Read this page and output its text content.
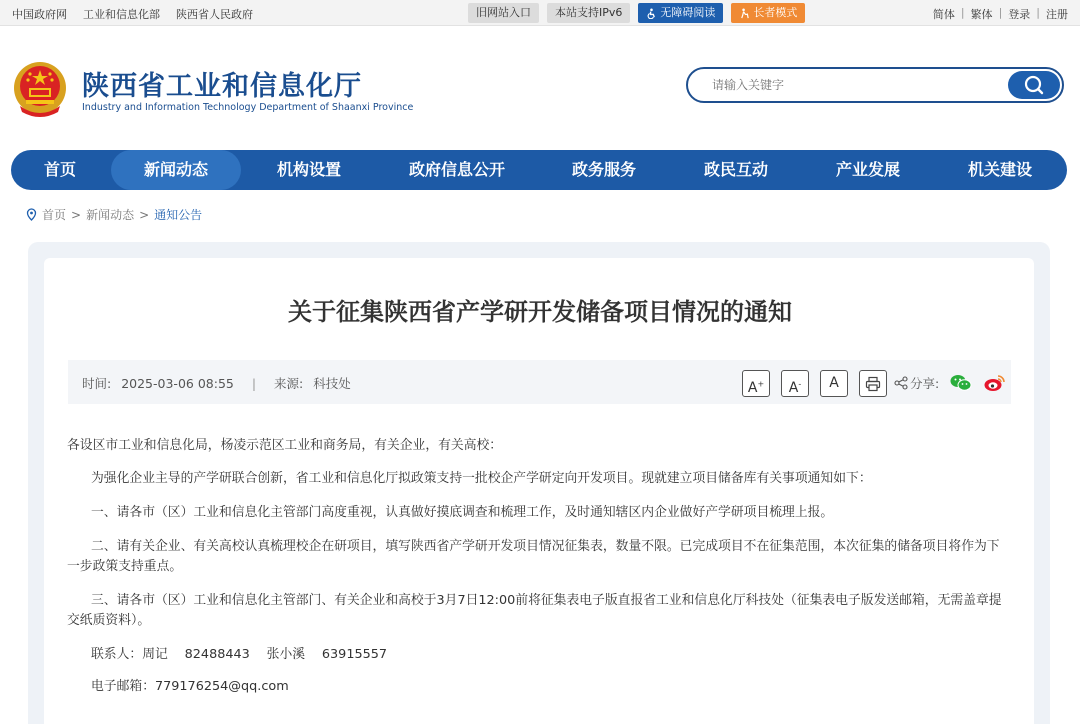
中国政府网 工业和信息化部 陕西省人民政府	旧网站入口	本站支持IPv6	无障碍阅读	长者模式	简体 | 繁体 | 登录 | 注册
陕西省工业和信息化厅
Industry and Information Technology Department of Shaanxi Province
请输入关键字
首页	新闻动态	机构设置	政府信息公开	政务服务	政民互动	产业发展	机关建设
首页 > 新闻动态 > 通知公告
关于征集陕西省产学研开发储备项目情况的通知
时间: 2025-03-06 08:55 | 来源: 科技处	A+	A-	A	分享:
各设区市工业和信息化局，杨凌示范区工业和商务局，有关企业，有关高校：
为强化企业主导的产学研联合创新，省工业和信息化厅拟政策支持一批校企产学研定向开发项目。现就建立项目储备库有关事项通知如下：
一、请各市（区）工业和信息化主管部门高度重视，认真做好摸底调查和梳理工作，及时通知辖区内企业做好产学研项目梳理上报。
二、请有关企业、有关高校认真梳理校企在研项目，填写陕西省产学研开发项目情况征集表，数量不限。已完成项目不在征集范围，本次征集的储备项目将作为下一步政策支持重点。
三、请各市（区）工业和信息化主管部门、有关企业和高校于3月7日12:00前将征集表电子版直报省工业和信息化厅科技处（征集表电子版发送邮箱，无需盖章提交纸质资料）。
联系人：周记　 82488443　 张小溪　 63915557
电子邮箱：779176254@qq.com
